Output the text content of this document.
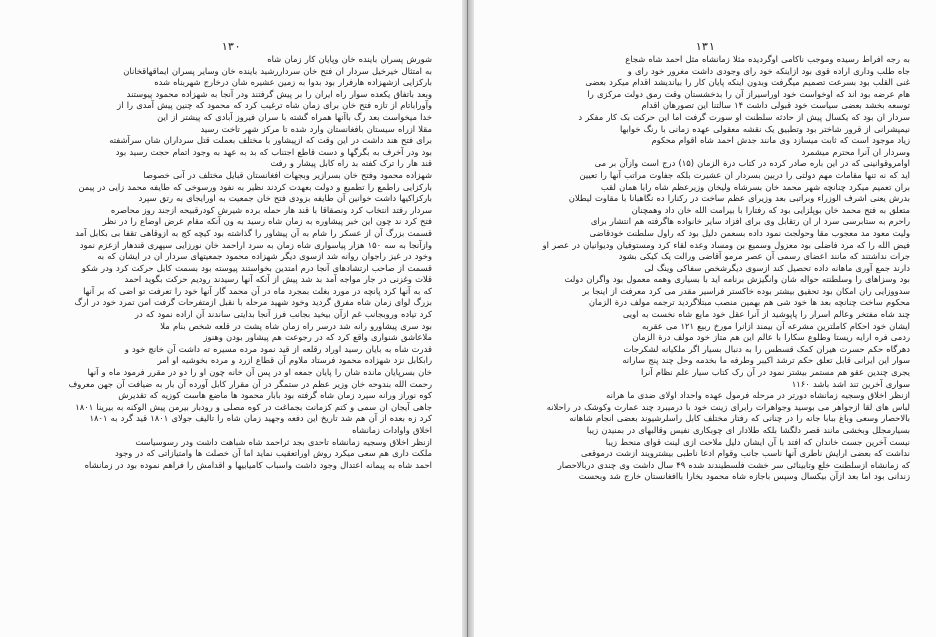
۱۳۰

شورش پسران باینده خان وپایان کار زمان شاه

به امتثال خیرخیل سردار ان فتح خان سرداررشید باینده خان وسایر پسران ایماقهاقخانان

بارکزایی ازشهزاده هارفرار بود بدوا به زمین عشیره شان درخارج شهربناه شده

وبعد باتفاق یکعده سوار راه ایران را بر پیش گرفتند ودر آنجا به شهزاده محمود پیوستند

وآوراباتام از تازه فتح خان برای زمان شاه ترغیب کرد که محمود که چنین پیش آمدی را از

خدا میخواست بعد رگ باآنها همراه گشته با سران فیروز آبادی که پیشتر از این

مقلا ازراه سیستان بافغانستان وارد شده تا مرکز شهر تاخت رسید

برای فتح هند داشت در این وقت که ازپیشاور با مختلف بعملت قتل سرداران شان سرآشفته

بود ودر آخرف به بگرگها و دست قاطع اجتناب که بد به عهد به وجود اتمام حجت رسید بود

قند هار را ترک کفته بد راه کابل پیشار و رفت

شهزاده محمود وفتح خان بسرازیر وبجهات افغانستان قبایل مختلف در آنی خصوصا

بارکزایی راطمع را تطمیع و دولت بعهدت کردند نظیر به نفود ورسوخی که طایفه محمد زایی در پیمن

بارکزاکیها داشت خوانین آن طایفه بزودی فتح خان جمعیت به اورایجای به رتق سپرد

سردار رفتد انتخاب کرد ونصقاقا با قند هار حمله برده شیرش کودرقبیحه ازجند روز محاصره

فتح کرد ند چون این خبر پیشاوره به زمان شاه رسید به ون آنکه مقام عرض اوضاع را در نظر

قسمت بزرگ آن از عسکر را شام به آن پیشاور را گذاشته بود کیچه کج به ازوقاهی تقفا بی بکابل آمد

وازآنجا به سه ۱۵۰ هزار پیاسواری شاه زمان به سرد اراحمد خان نورزایی سپهری قندهار ازعزم نمود

وخود در غیز راجوان روانه شد ازسوی دیگر شهزاده محمود جمعیتهای سردار ان در ایشان که به

قسمت از صاحب ارتشادهای آنجا درم امتدین بخواستند پیوسته بود بسمت کابل حرکت کرد ودر شکو

قلات وغزنی در جار مواجه آمد بد شد پیش از آنکه آنها رسیدند رودیم حرکت بگوید احمد

که به آنها کرد پانچه در مورد بغلت بمجرد ماه در آن محمد گار آنها خود را تعرفت تو اضی که بر آنها

بزرگ لوای زمان شاه مفرق گردید وخود شهید مرحله با نقبل ازمتفرحات گرفت امن تمرد خود در ارگ

کرد تیاده وروبجانب غم ازآن بیخید بجانب فرز آنجا بدایتی ساندند آن اراده نمود که در

بود سری پیشاورو رانه شد درسر راه زمان شاه پشت در قلعه شخص بنام ملا

ملاعاشق شنواری واقع کرد که در رجوعت هم پیشاور بودن وهنوز

قدرت شاه به بایان رسید اوراد رقلعه از قید نمود مرده مسیره ته داشت آن خانچ خود و

رابکابل نزد شهزاده محمود فرستاد ملاوم آن قطاع ازرد و مرده بخوشیه او امر

خان بسرپایان مانده شان را پایان جمعه او در پس آن خانه چون او را دو در مقرر فرمود ماه و آنها

رحمت الله بندوحه خان وزیر عظم در ستمگر در آن مقرار کابل آورده آن بار به ضیافت آن جهن معروف

کوه نوراز ورانه سپرد زمان شاه گرفته بود بابار محمود ها ماضع هاست کوزیه که تقدیرش

جاهی آیجان ان سمی و کتم کزمانت بجماغت در کوه مصلی و رودبار بیرمن پیش الوکنه به بیرینا ۱۸۰۱

کرد زه بعده از آن هم شد تاریخ این دفعه وجهید زمان شاه را تالیف جولای ۱۸۰۱ قید گرد به ۱۸۰۱

اخلاق واوادات زمانشاه

ازنظر اخلاق وسجیه زمانشاه تاحدی بجد ثراحمد شاه شباهت داشت ودر رسوسیاست

ملکت داری هم سعی میکرد روش اوراتعقیب نماید اما آن خصلت ها وامتیازاتی که در وجود

احمد شاه به پیمانه اعتدال وجود داشت واسباب کامیابیها و اقدامش را فراهم نموده بود در زمانشاه

۱۳۱

به رجه افراط رسیده وموجب ناکامی اوگردیده مثلا زمانشاه مثل احمد شاه شجاع

جاه طلب وداری اراده قوی بود ازاینکه خود رای وجودی داشت مغرور خود رای و

غنی القلب بود بسرعت تصمیم میگرفت وبدون اینکه پایان کار را بیاندیشد اقدام میکرد بعضی

هام عرضه بود اند که اوخواست خود اوراسیراز آن را بدخشستان وقت رمق دولت مرکزی را

توسعه بخشد بعضی سیاست خود قبولی داشت ۱۴ سالتنا این تصورهان اقدام

سردار ان بود که یکسال پیش از حادثه سلطنت او سورت گرفت اما این حرکت بک کار مفکر د

نیمپشرانی از قرور شاختر بود وتطبیق یک نقشه معقولی عهده زمانی با رنگ خوابها

زیاد موجود است که ثابت میسازد وی مانند جدش احمد شاه اقوام محکوم

وسردار ان آنرا محترم میشمرد

اوامروقوانینی که در این باره صادر کرده در کتاب درة الزمان (۱۵) درج است وازآن بر می

اید که نه تنها مقامات مهم دولتی را دربین بسردار ان عشیرت بلکه جفاوت مراتب آنها را تعیین

بران تعمیم میکرد چنانچه شهر محمد خان بسرشاه ولیخان وزیرعظم شاه رابا همان لقب

بدرش یعنی اشرف الوزراء وبراتبی بعد وزیرای عظم ساخت در رکنارا ده نگاهبانا با مقاوت لیطلان

متعلق به فتح محمد خان بوپلزایی بود که رفتارا با بیرامت الله خان داد وهمچنان

راحرم به ستابرسی سرد ار ان رتقابل وی برای افزاد سایر خانواده هاگرفته هم انتشار برای

ولیت معود مد معجوب مقا وحولجت نمود داده بسعمن دلیل بود که راول سلطنت خودقاضی

فیض الله را که مرد فاضلی بود معزول وسمیع بن ومساد وعده لقاء کرد ومستوفیان ودیوانیان در عصر او

جرات نداشتند که مانند اعضای رسمی آن عصر مرمو آقاضی ورالت یک کیکی بشود

دارند جمع آوری ماهانه داده تحصیل کند ازسوی دیگرشخص سفاکی وینگ لی

بود وسزاهای را وسلطنته حواله شان وانگیزش برنامه اید با بسیاری وهمه معمول بود واگران دولت

سدووزایی ران امکان بود تحقیق بیشتر بوده خاکستر فراسیر مقدر می کرد معرفت از اینجا بر

محکوم ساخت چنانچه بعد ها خود شی هم بهمین منصب مبتلاگردید ترجمه مولف درة الزمان

چند شاه مفتخر وعالم اسرار را پاپوشید از آنرا عقل خود مایع شاه نخست به اویی

ایشان خود احکام کاملترین مشرعه آن بیمند ازانرا مورخ ربیع ۱۲۱ می عقربه

ردمی فره ارایه ریستا وطلوع سکارا با عالم این هم متاز خود مولف درة الزمان

دهرگاه حکم حسرت هیران کمک قسطس را به دنبال بسیار اگر ملکیانه لشکرجات

سوار این ایرانی قابل تعلق حکم ترشد اکیبر وطرفه ما بخدمه وحل چند پنج سارانه

یجری چندین عقو هم مستمر بیشتر نمود در آن رک کتاب سیار علم نظام آنرا

سواری آخرین تند اشد باشد ۱۱۶۰

ازنظر اخلاق وسجیه زمانشاه دورتر در مرحله فرمول عهده واحداد اولای ضدی ما هرانه

لباس های لقا ازجواهر می بوسید وجواهرات رابرای زینت خود با درمیبرد چند عمارت وکوشک در راحلانه

بالاحصار وسعی وباغ ببابا جانه را در چنانی که رفتار مختلف کابل راسلرشیوند بعضی انجام شاهانه

بسیارمجلل وبخشی مانند قصر دلگشا بلکه طلادار ای چوبکاری نفیس وقالبهای در بمنیدن زیبا

نیست آخرین جست خاندان که افتد با آن ایشان دلیل ملاحت ازی لینت قوای منحط زیبا

نداشت که بعضی ارایش ناطری آنها ناسب جانب وقوام ادعا ناطبی بیشترویند ازشت درموقعی

که زمانشاه ازسلطنت خلع وتابینائی سر خشت فلسطیندند شده ۴۹ سال داشت وی چندی دربالاحصار

زندانی بود اما بعد ازآن بیکسال وسپس باجازه شاه محمود بخارا باافغانستان خارج شد وبحست
